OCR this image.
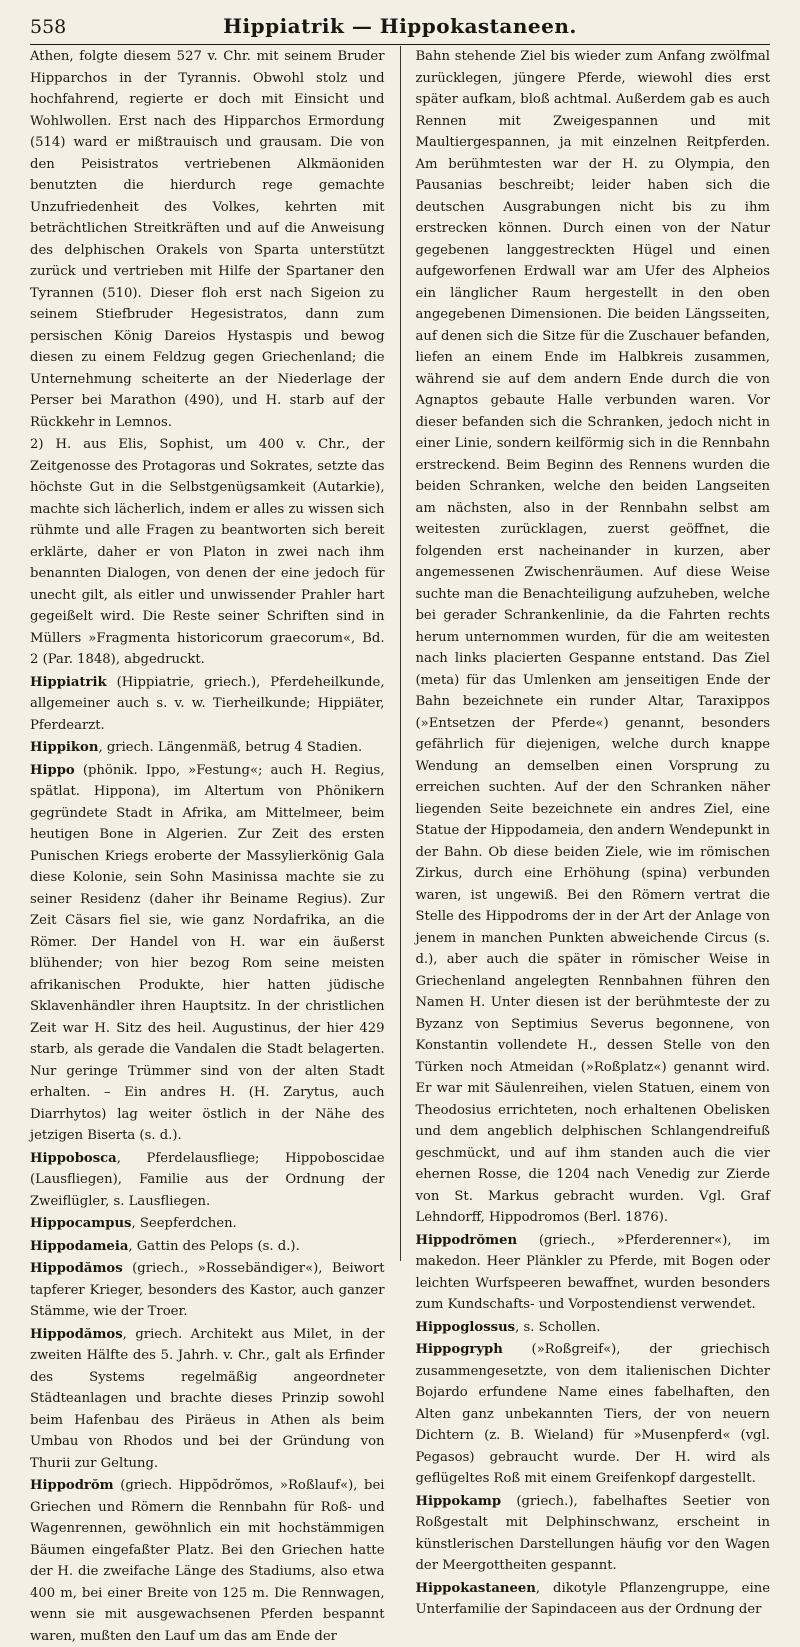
558	Hippiatrik — Hippokastaneen.

Athen, folgte diesem 527 v. Chr. mit seinem Bruder Hipparchos in der Tyrannis. Obwohl stolz und hochfahrend, regierte er doch mit Einsicht und Wohlwollen. Erst nach des Hipparchos Ermordung (514) ward er mißtrauisch und grausam. Die von den Peisistratos vertriebenen Alkmäoniden benutzten die hierdurch rege gemachte Unzufriedenheit des Volkes, kehrten mit beträchtlichen Streitkräften und auf die Anweisung des delphischen Orakels von Sparta unterstützt zurück und vertrieben mit Hilfe der Spartaner den Tyrannen (510). Dieser floh erst nach Sigeion zu seinem Stiefbruder Hegesistratos, dann zum persischen König Dareios Hystaspis und bewog diesen zu einem Feldzug gegen Griechenland; die Unternehmung scheiterte an der Niederlage der Perser bei Marathon (490), und H. starb auf der Rückkehr in Lemnos.

2) H. aus Elis, Sophist, um 400 v. Chr., der Zeitgenosse des Protagoras und Sokrates, setzte das höchste Gut in die Selbstgenügsamkeit (Autarkie), machte sich lächerlich, indem er alles zu wissen sich rühmte und alle Fragen zu beantworten sich bereit erklärte, daher er von Platon in zwei nach ihm benannten Dialogen, von denen der eine jedoch für unecht gilt, als eitler und unwissender Prahler hart gegeißelt wird. Die Reste seiner Schriften sind in Müllers »Fragmenta historicorum graecorum«, Bd. 2 (Par. 1848), abgedruckt.

Hippiatrik (Hippiatrie, griech.), Pferdeheilkunde, allgemeiner auch s. v. w. Tierheilkunde; Hippiäter, Pferdearzt.

Hippikon, griech. Längenmäß, betrug 4 Stadien.

Hippo (phönik. Ippo, »Festung«; auch H. Regius, spätlat. Hippona), im Altertum von Phönikern gegründete Stadt in Afrika, am Mittelmeer, beim heutigen Bone in Algerien. Zur Zeit des ersten Punischen Kriegs eroberte der Massylierkönig Gala diese Kolonie, sein Sohn Masinissa machte sie zu seiner Residenz (daher ihr Beiname Regius). Zur Zeit Cäsars fiel sie, wie ganz Nordafrika, an die Römer. Der Handel von H. war ein äußerst blühender; von hier bezog Rom seine meisten afrikanischen Produkte, hier hatten jüdische Sklavenhändler ihren Hauptsitz. In der christlichen Zeit war H. Sitz des heil. Augustinus, der hier 429 starb, als gerade die Vandalen die Stadt belagerten. Nur geringe Trümmer sind von der alten Stadt erhalten. – Ein andres H. (H. Zarytus, auch Diarrhytos) lag weiter östlich in der Nähe des jetzigen Biserta (s. d.).

Hippobosca, Pferdelausfliege; Hippoboscidae (Lausfliegen), Familie aus der Ordnung der Zweiflügler, s. Lausfliegen.

Hippocampus, Seepferdchen.

Hippodameia, Gattin des Pelops (s. d.).

Hippodămos (griech., »Rossebändiger«), Beiwort tapferer Krieger, besonders des Kastor, auch ganzer Stämme, wie der Troer.

Hippodămos, griech. Architekt aus Milet, in der zweiten Hälfte des 5. Jahrh. v. Chr., galt als Erfinder des Systems regelmäßig angeordneter Städteanlagen und brachte dieses Prinzip sowohl beim Hafenbau des Piräeus in Athen als beim Umbau von Rhodos und bei der Gründung von Thurii zur Geltung.

Hippodrŏm (griech. Hippŏdrŏmos, »Roßlauf«), bei Griechen und Römern die Rennbahn für Roß- und Wagenrennen, gewöhnlich ein mit hochstämmigen Bäumen eingefaßter Platz. Bei den Griechen hatte der H. die zweifache Länge des Stadiums, also etwa 400 m, bei einer Breite von 125 m. Die Rennwagen, wenn sie mit ausgewachsenen Pferden bespannt waren, mußten den Lauf um das am Ende der

Bahn stehende Ziel bis wieder zum Anfang zwölfmal zurücklegen, jüngere Pferde, wiewohl dies erst später aufkam, bloß achtmal. Außerdem gab es auch Rennen mit Zweigespannen und mit Maultiergespannen, ja mit einzelnen Reitpferden. Am berühmtesten war der H. zu Olympia, den Pausanias beschreibt; leider haben sich die deutschen Ausgrabungen nicht bis zu ihm erstrecken können. Durch einen von der Natur gegebenen langgestreckten Hügel und einen aufgeworfenen Erdwall war am Ufer des Alpheios ein länglicher Raum hergestellt in den oben angegebenen Dimensionen. Die beiden Längsseiten, auf denen sich die Sitze für die Zuschauer befanden, liefen an einem Ende im Halbkreis zusammen, während sie auf dem andern Ende durch die von Agnaptos gebaute Halle verbunden waren. Vor dieser befanden sich die Schranken, jedoch nicht in einer Linie, sondern keilförmig sich in die Rennbahn erstreckend. Beim Beginn des Rennens wurden die beiden Schranken, welche den beiden Langseiten am nächsten, also in der Rennbahn selbst am weitesten zurücklagen, zuerst geöffnet, die folgenden erst nacheinander in kurzen, aber angemessenen Zwischenräumen. Auf diese Weise suchte man die Benachteiligung aufzuheben, welche bei gerader Schrankenlinie, da die Fahrten rechts herum unternommen wurden, für die am weitesten nach links placierten Gespanne entstand. Das Ziel (meta) für das Umlenken am jenseitigen Ende der Bahn bezeichnete ein runder Altar, Taraxippos (»Entsetzen der Pferde«) genannt, besonders gefährlich für diejenigen, welche durch knappe Wendung an demselben einen Vorsprung zu erreichen suchten. Auf der den Schranken näher liegenden Seite bezeichnete ein andres Ziel, eine Statue der Hippodameia, den andern Wendepunkt in der Bahn. Ob diese beiden Ziele, wie im römischen Zirkus, durch eine Erhöhung (spina) verbunden waren, ist ungewiß. Bei den Römern vertrat die Stelle des Hippodroms der in der Art der Anlage von jenem in manchen Punkten abweichende Circus (s. d.), aber auch die später in römischer Weise in Griechenland angelegten Rennbahnen führen den Namen H. Unter diesen ist der berühmteste der zu Byzanz von Septimius Severus begonnene, von Konstantin vollendete H., dessen Stelle von den Türken noch Atmeidan (»Roßplatz«) genannt wird. Er war mit Säulenreihen, vielen Statuen, einem von Theodosius errichteten, noch erhaltenen Obelisken und dem angeblich delphischen Schlangendreifuß geschmückt, und auf ihm standen auch die vier ehernen Rosse, die 1204 nach Venedig zur Zierde von St. Markus gebracht wurden. Vgl. Graf Lehndorff, Hippodromos (Berl. 1876).

Hippodrŏmen (griech., »Pferderenner«), im makedon. Heer Plänkler zu Pferde, mit Bogen oder leichten Wurfspeeren bewaffnet, wurden besonders zum Kundschafts- und Vorpostendienst verwendet.

Hippoglossus, s. Schollen.

Hippogryph (»Roßgreif«), der griechisch zusammengesetzte, von dem italienischen Dichter Bojardo erfundene Name eines fabelhaften, den Alten ganz unbekannten Tiers, der von neuern Dichtern (z. B. Wieland) für »Musenpferd« (vgl. Pegasos) gebraucht wurde. Der H. wird als geflügeltes Roß mit einem Greifenkopf dargestellt.

Hippokamp (griech.), fabelhaftes Seetier von Roßgestalt mit Delphinschwanz, erscheint in künstlerischen Darstellungen häufig vor den Wagen der Meergottheiten gespannt.

Hippokastaneen, dikotyle Pflanzengruppe, eine Unterfamilie der Sapindaceen aus der Ordnung der
